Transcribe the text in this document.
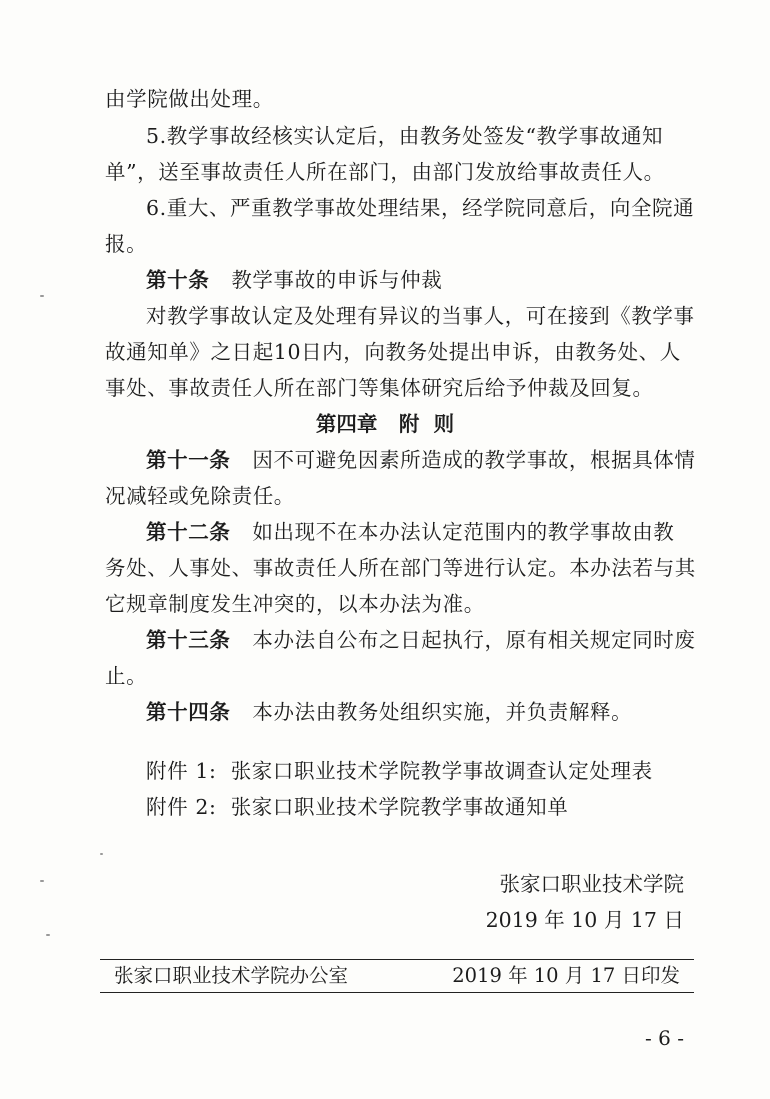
由学院做出处理。
5.教学事故经核实认定后，由教务处签发“教学事故通知
单”，送至事故责任人所在部门，由部门发放给事故责任人。
6.重大、严重教学事故处理结果，经学院同意后，向全院通
报。
第十条 教学事故的申诉与仲裁
对教学事故认定及处理有异议的当事人，可在接到《教学事
故通知单》之日起10日内，向教务处提出申诉，由教务处、人
事处、事故责任人所在部门等集体研究后给予仲裁及回复。
第四章   附  则
第十一条 因不可避免因素所造成的教学事故，根据具体情
况减轻或免除责任。
第十二条 如出现不在本办法认定范围内的教学事故由教
务处、人事处、事故责任人所在部门等进行认定。本办法若与其
它规章制度发生冲突的，以本办法为准。
第十三条 本办法自公布之日起执行，原有相关规定同时废
止。
第十四条 本办法由教务处组织实施，并负责解释。
附件 1:  张家口职业技术学院教学事故调查认定处理表
附件 2:  张家口职业技术学院教学事故通知单
张家口职业技术学院
2019 年 10 月 17 日
张家口职业技术学院办公室	2019 年 10 月 17 日印发
- 6 -
